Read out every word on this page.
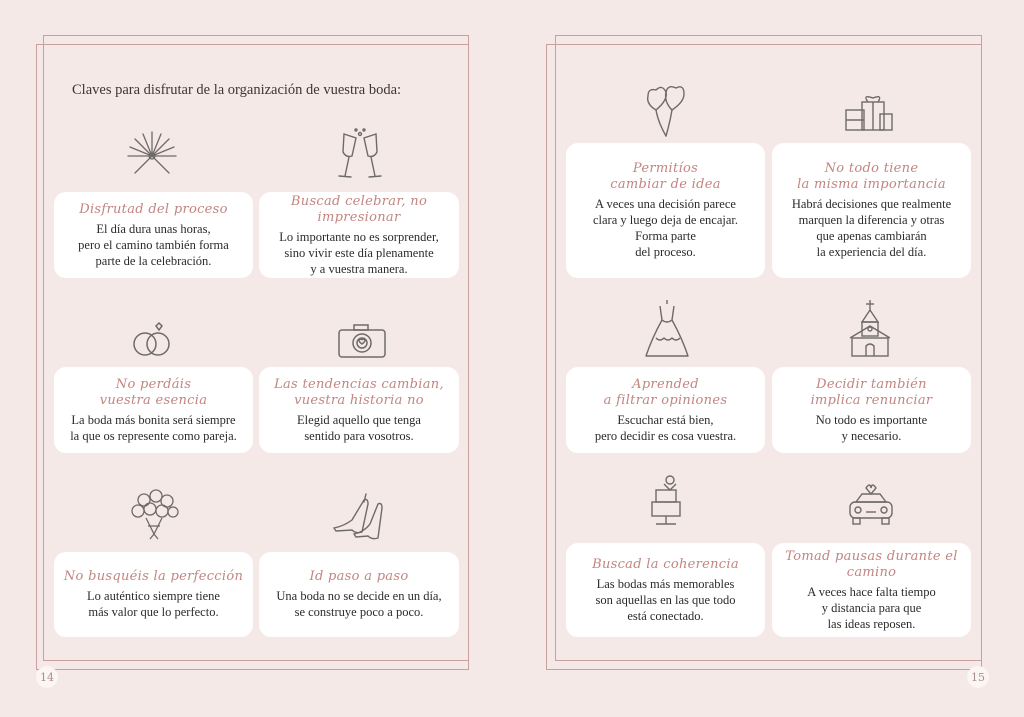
Claves para disfrutar de la organización de vuestra boda:
Disfrutad del proceso
El día dura unas horas,
pero el camino también forma
parte de la celebración.
Buscad celebrar, no impresionar
Lo importante no es sorprender,
sino vivir este día plenamente
y a vuestra manera.
No perdáis
vuestra esencia
La boda más bonita será siempre
la que os represente como pareja.
Las tendencias cambian,
vuestra historia no
Elegid aquello que tenga
sentido para vosotros.
No busquéis la perfección
Lo auténtico siempre tiene
más valor que lo perfecto.
Id paso a paso
Una boda no se decide en un día,
se construye poco a poco.
Permitíos
cambiar de idea
A veces una decisión parece
clara y luego deja de encajar.
Forma parte
del proceso.
No todo tiene
la misma importancia
Habrá decisiones que realmente
marquen la diferencia y otras
que apenas cambiarán
la experiencia del día.
Aprended
a filtrar opiniones
Escuchar está bien,
pero decidir es cosa vuestra.
Decidir también
implica renunciar
No todo es importante
y necesario.
Buscad la coherencia
Las bodas más memorables
son aquellas en las que todo
está conectado.
Tomad pausas durante el camino
A veces hace falta tiempo
y distancia para que
las ideas reposen.
14	15
